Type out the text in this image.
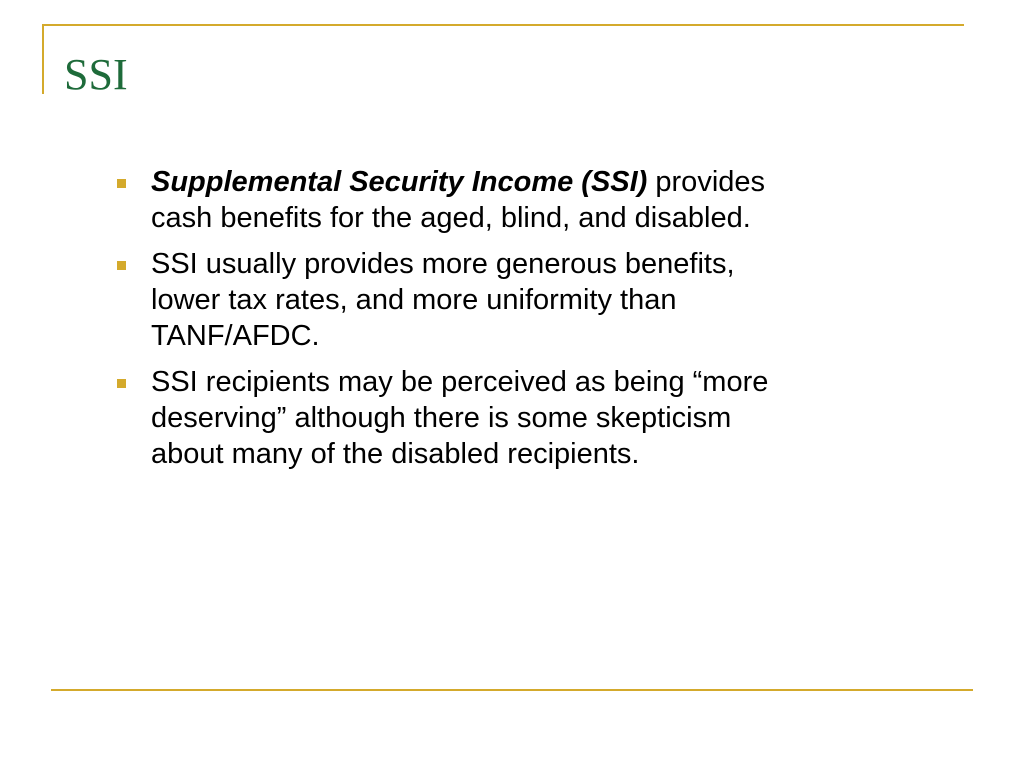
SSI
Supplemental Security Income (SSI) provides
cash benefits for the aged, blind, and disabled.
SSI usually provides more generous benefits,
lower tax rates, and more uniformity than
TANF/AFDC.
SSI recipients may be perceived as being “more
deserving” although there is some skepticism
about many of the disabled recipients.
